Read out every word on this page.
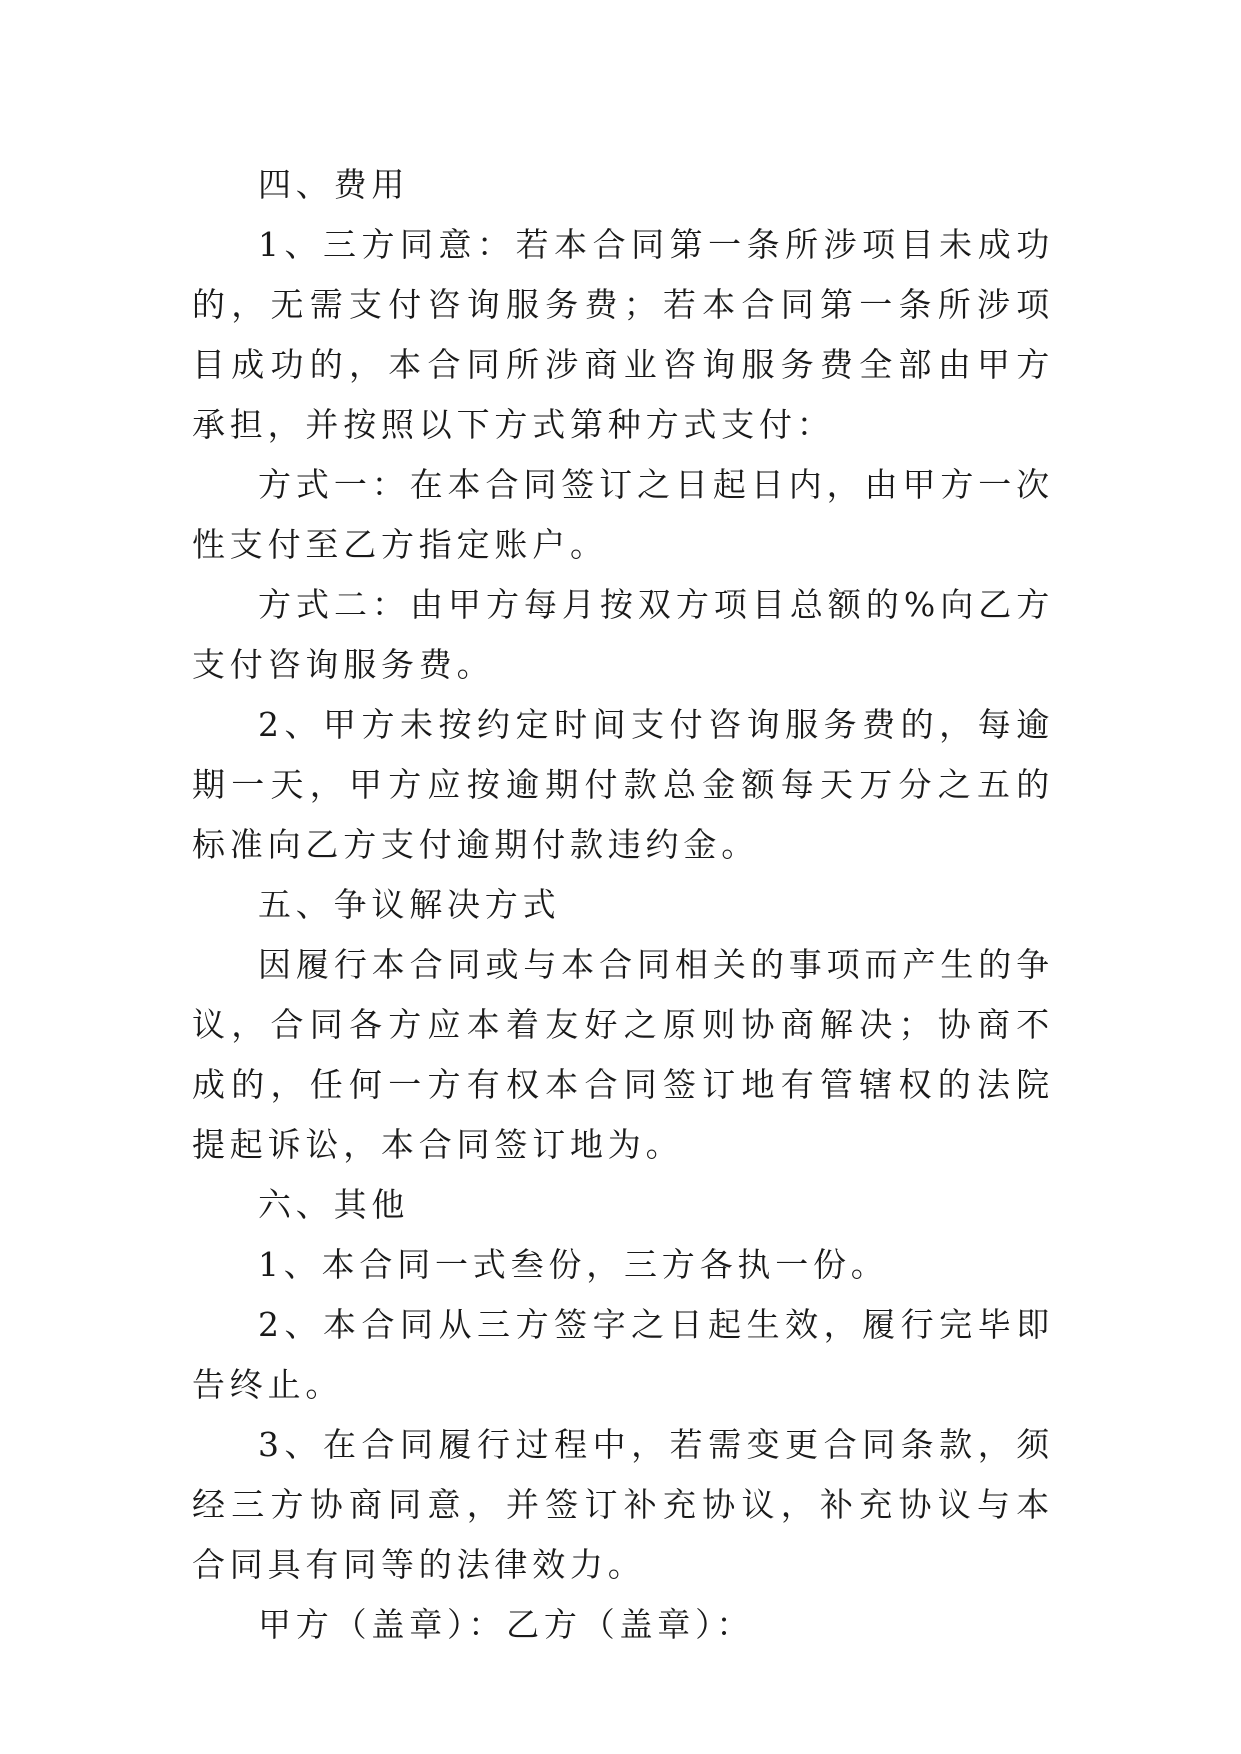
四、费用

1、三方同意：若本合同第一条所涉项目未成功的，无需支付咨询服务费；若本合同第一条所涉项目成功的，本合同所涉商业咨询服务费全部由甲方承担，并按照以下方式第种方式支付：

方式一：在本合同签订之日起日内，由甲方一次性支付至乙方指定账户。

方式二：由甲方每月按双方项目总额的%向乙方支付咨询服务费。

2、甲方未按约定时间支付咨询服务费的，每逾期一天，甲方应按逾期付款总金额每天万分之五的标准向乙方支付逾期付款违约金。

五、争议解决方式

因履行本合同或与本合同相关的事项而产生的争议，合同各方应本着友好之原则协商解决；协商不成的，任何一方有权本合同签订地有管辖权的法院提起诉讼，本合同签订地为。

六、其他

1、本合同一式叁份，三方各执一份。

2、本合同从三方签字之日起生效，履行完毕即告终止。

3、在合同履行过程中，若需变更合同条款，须经三方协商同意，并签订补充协议，补充协议与本合同具有同等的法律效力。

甲方（盖章）：乙方（盖章）：
